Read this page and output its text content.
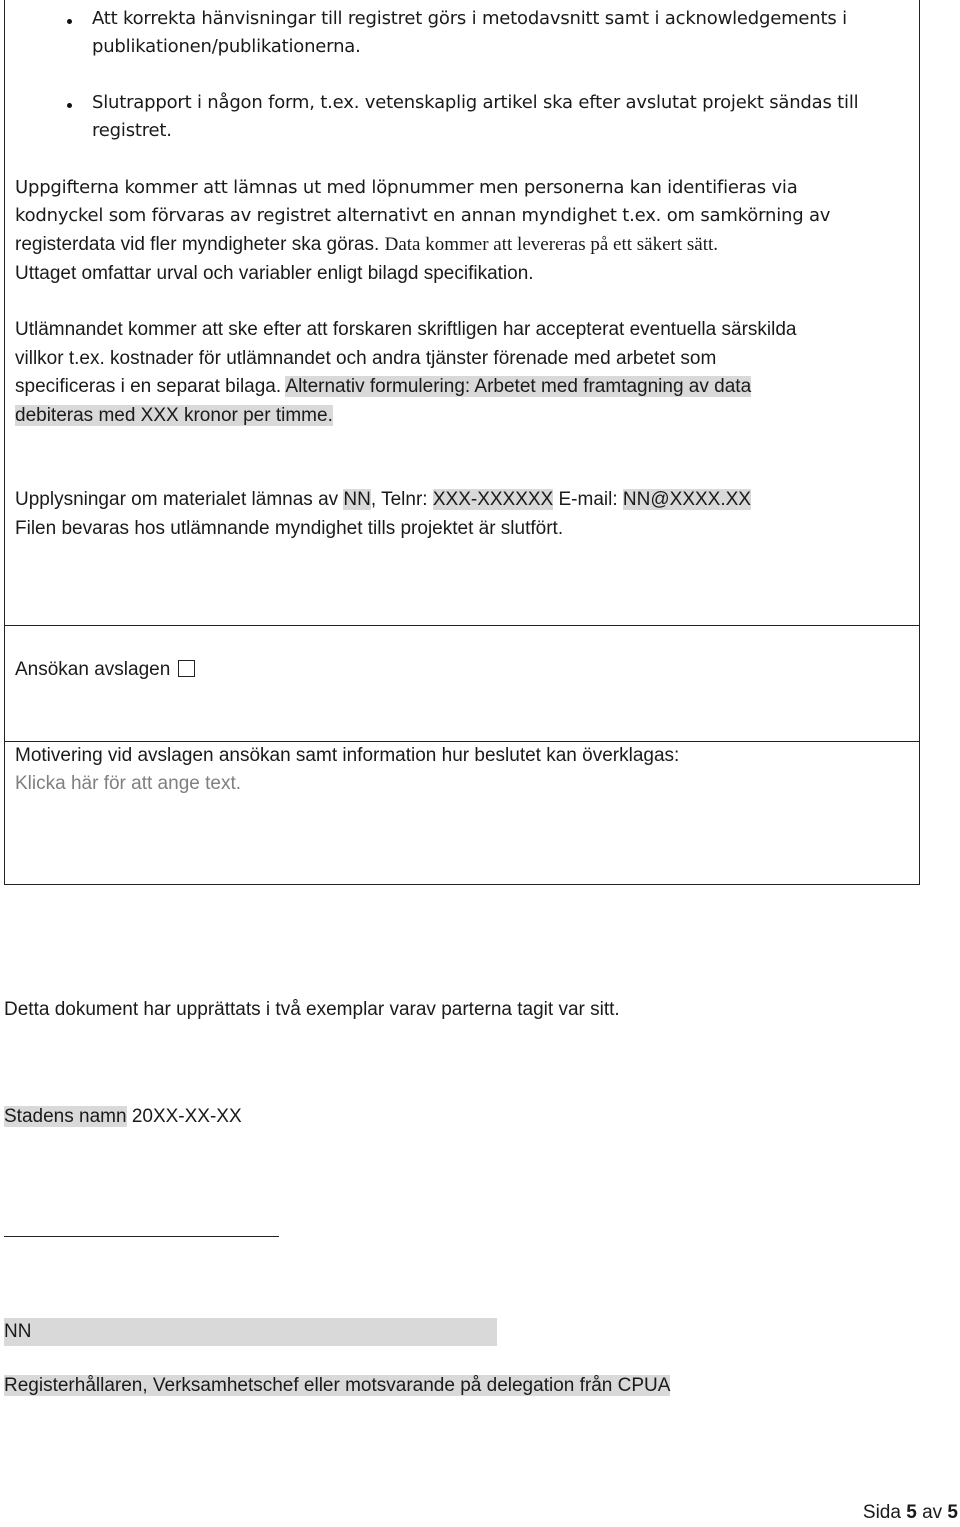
Att korrekta hänvisningar till registret görs i metodavsnitt samt i acknowledgements i
publikationen/publikationerna.
Slutrapport i någon form, t.ex. vetenskaplig artikel ska efter avslutat projekt sändas till
registret.
Uppgifterna kommer att lämnas ut med löpnummer men personerna kan identifieras via
kodnyckel som förvaras av registret alternativt en annan myndighet t.ex. om samkörning av
registerdata vid fler myndigheter ska göras. Data kommer att levereras på ett säkert sätt.
Uttaget omfattar urval och variabler enligt bilagd specifikation.
Utlämnandet kommer att ske efter att forskaren skriftligen har accepterat eventuella särskilda
villkor t.ex. kostnader för utlämnandet och andra tjänster förenade med arbetet som
specificeras i en separat bilaga. Alternativ formulering: Arbetet med framtagning av data
debiteras med XXX kronor per timme.
Upplysningar om materialet lämnas av NN, Telnr: XXX-XXXXXX E-mail: NN@XXXX.XX
Filen bevaras hos utlämnande myndighet tills projektet är slutfört.
Ansökan avslagen
Motivering vid avslagen ansökan samt information hur beslutet kan överklagas:
Klicka här för att ange text.
Detta dokument har upprättats i två exemplar varav parterna tagit var sitt.
Stadens namn 20XX-XX-XX
NN
Registerhållaren, Verksamhetschef eller motsvarande på delegation från CPUA
Sida 5 av 5
